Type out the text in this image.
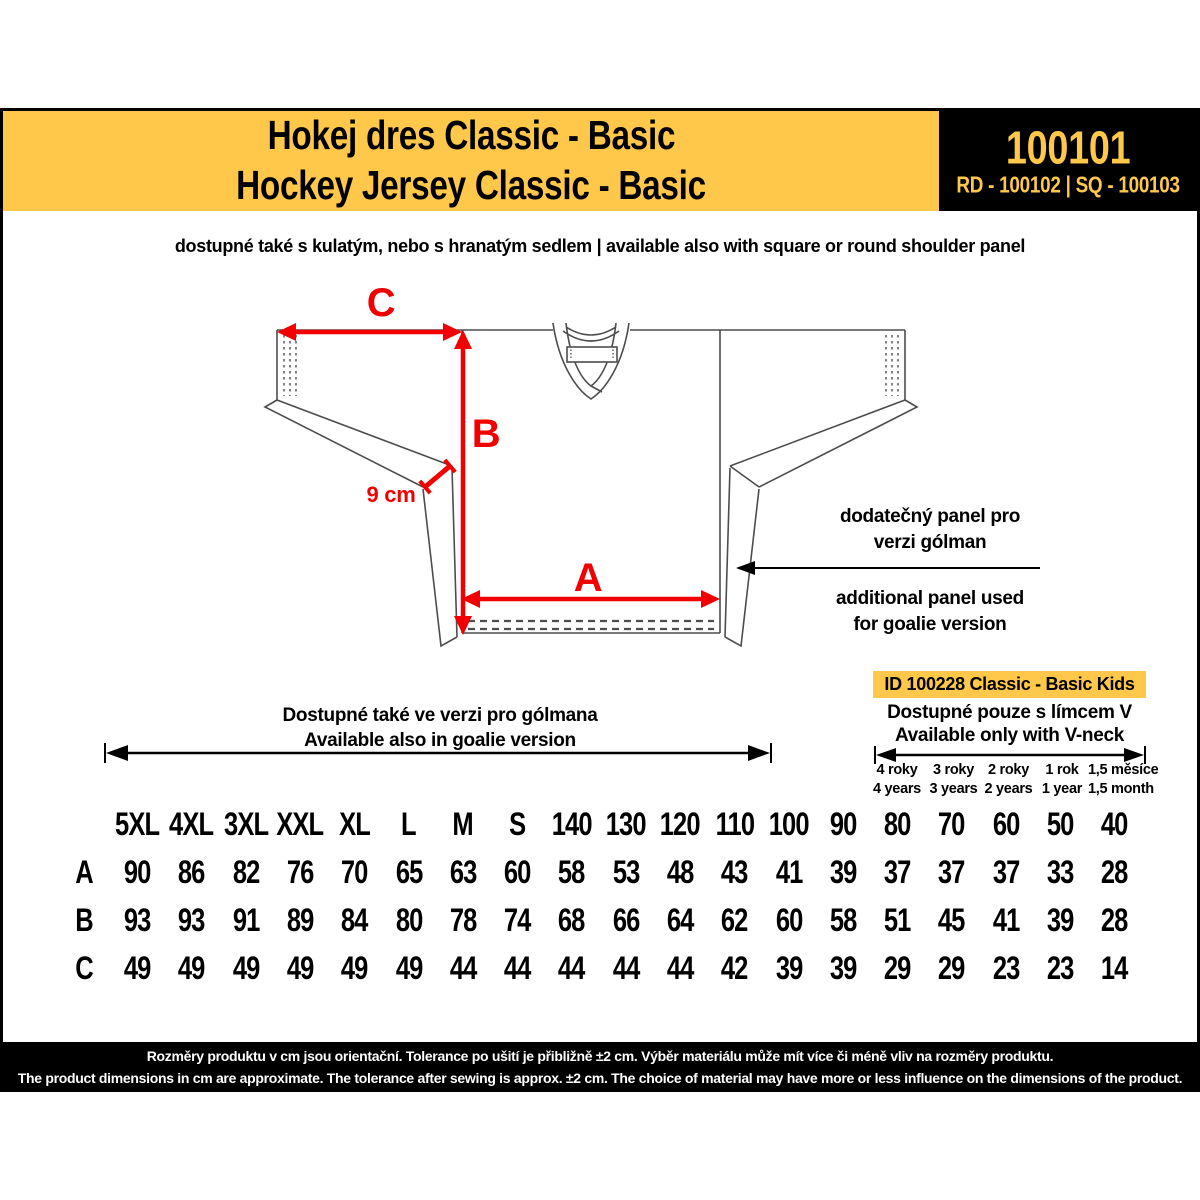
Hokej dres Classic - Basic
Hockey Jersey Classic - Basic
100101
RD - 100102 | SQ - 100103
dostupné také s kulatým, nebo s hranatým sedlem | available also with square or round shoulder panel
C
B
A
9 cm
dodatečný panel pro
verzi gólman
additional panel used
for goalie version
Dostupné také ve verzi pro gólmana
Available also in goalie version
ID 100228 Classic - Basic Kids
Dostupné pouze s límcem V
Available only with V-neck
4 roky
4 years
3 roky
3 years
2 roky
2 years
1 rok
1 year
1,5 měsíce
1,5 month
5XL 4XL 3XL XXL XL L M S 140 130 120 110 100 90 80 70 60 50 40
A 90 86 82 76 70 65 63 60 58 53 48 43 41 39 37 37 37 33 28
B 93 93 91 89 84 80 78 74 68 66 64 62 60 58 51 45 41 39 28
C 49 49 49 49 49 49 44 44 44 44 44 42 39 39 29 29 23 23 14
Rozměry produktu v cm jsou orientační. Tolerance po ušití je přibližně ±2 cm. Výběr materiálu může mít více či méně vliv na rozměry produktu.
The product dimensions in cm are approximate. The tolerance after sewing is approx. ±2 cm. The choice of material may have more or less influence on the dimensions of the product.
